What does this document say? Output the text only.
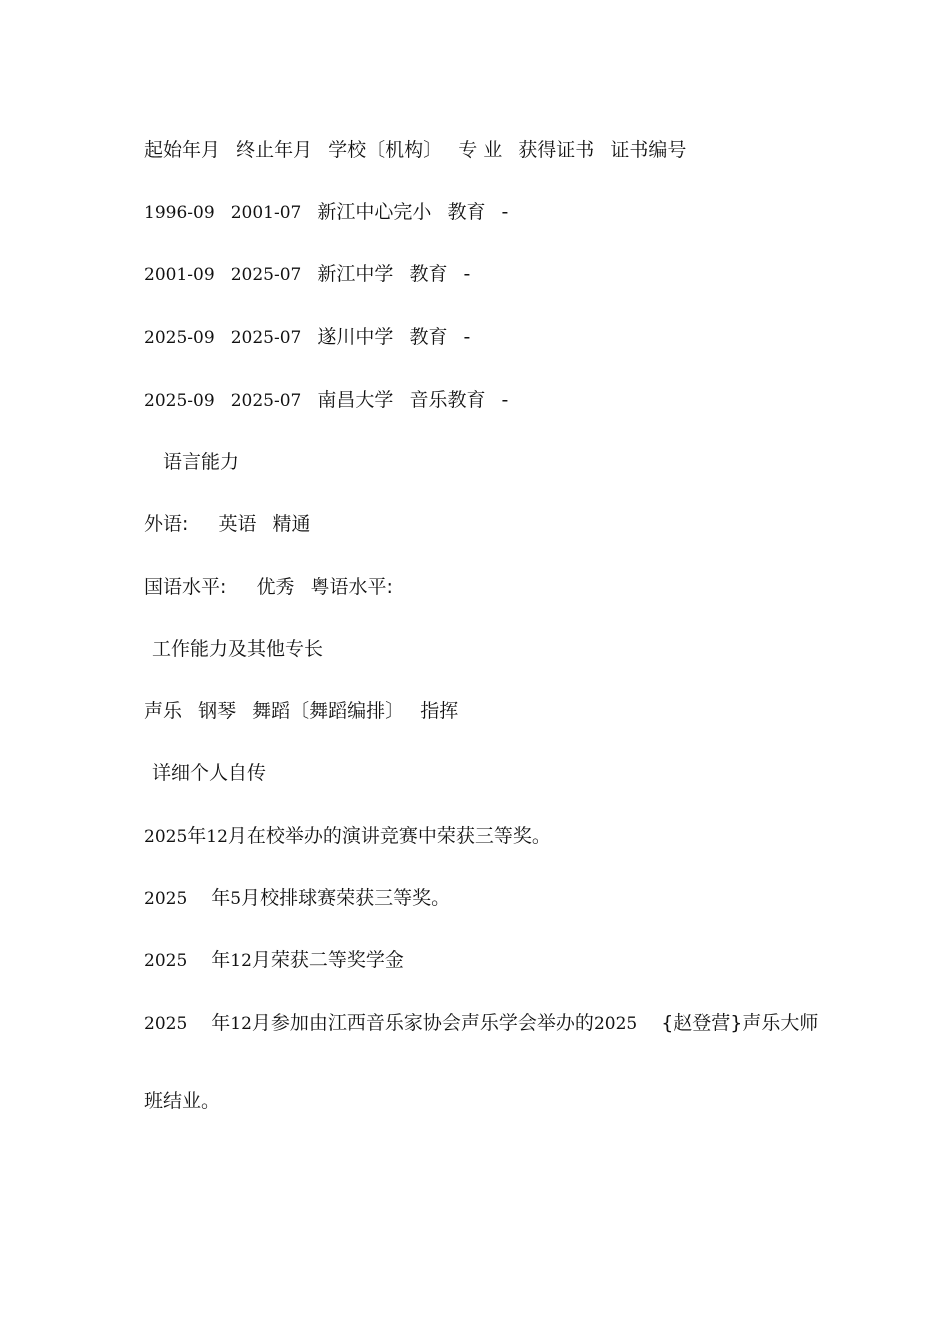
起始年月 终止年月 学校〔机构〕 专 业 获得证书 证书编号
1996-09 2001-07 新江中心完小 教育 -
2001-09 2025-07 新江中学 教育 -
2025-09 2025-07 遂川中学 教育 -
2025-09 2025-07 南昌大学 音乐教育 -
语言能力
外语: 英语 精通
国语水平: 优秀 粤语水平:
工作能力及其他专长
声乐 钢琴 舞蹈〔舞蹈编排〕 指挥
详细个人自传
2025年12月在校举办的演讲竞赛中荣获三等奖。
2025 年5月校排球赛荣获三等奖。
2025 年12月荣获二等奖学金
2025 年12月参加由江西音乐家协会声乐学会举办的2025 {赵登营}声乐大师
班结业。
